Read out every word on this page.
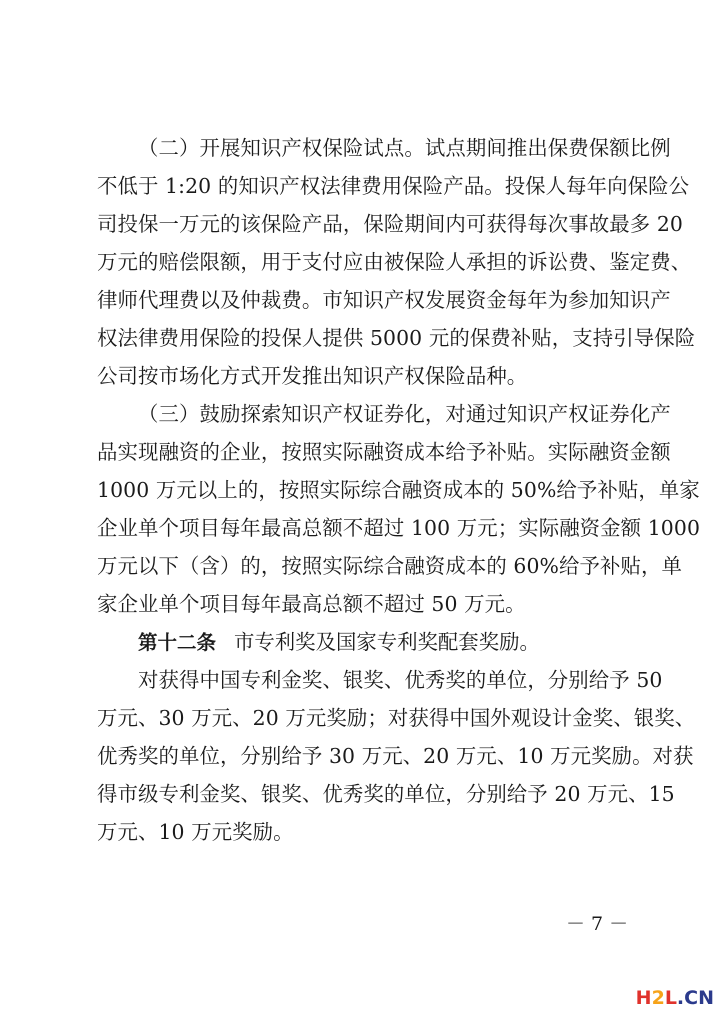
（二）开展知识产权保险试点。试点期间推出保费保额比例
不低于 1:20 的知识产权法律费用保险产品。投保人每年向保险公
司投保一万元的该保险产品，保险期间内可获得每次事故最多 20
万元的赔偿限额，用于支付应由被保险人承担的诉讼费、鉴定费、
律师代理费以及仲裁费。市知识产权发展资金每年为参加知识产
权法律费用保险的投保人提供 5000 元的保费补贴，支持引导保险
公司按市场化方式开发推出知识产权保险品种。
（三）鼓励探索知识产权证券化，对通过知识产权证券化产
品实现融资的企业，按照实际融资成本给予补贴。实际融资金额
1000 万元以上的，按照实际综合融资成本的 50%给予补贴，单家
企业单个项目每年最高总额不超过 100 万元；实际融资金额 1000
万元以下（含）的，按照实际综合融资成本的 60%给予补贴，单
家企业单个项目每年最高总额不超过 50 万元。
第十二条 市专利奖及国家专利奖配套奖励。
对获得中国专利金奖、银奖、优秀奖的单位，分别给予 50
万元、30 万元、20 万元奖励；对获得中国外观设计金奖、银奖、
优秀奖的单位，分别给予 30 万元、20 万元、10 万元奖励。对获
得市级专利金奖、银奖、优秀奖的单位，分别给予 20 万元、15
万元、10 万元奖励。
－ 7 －
H2L.CN
